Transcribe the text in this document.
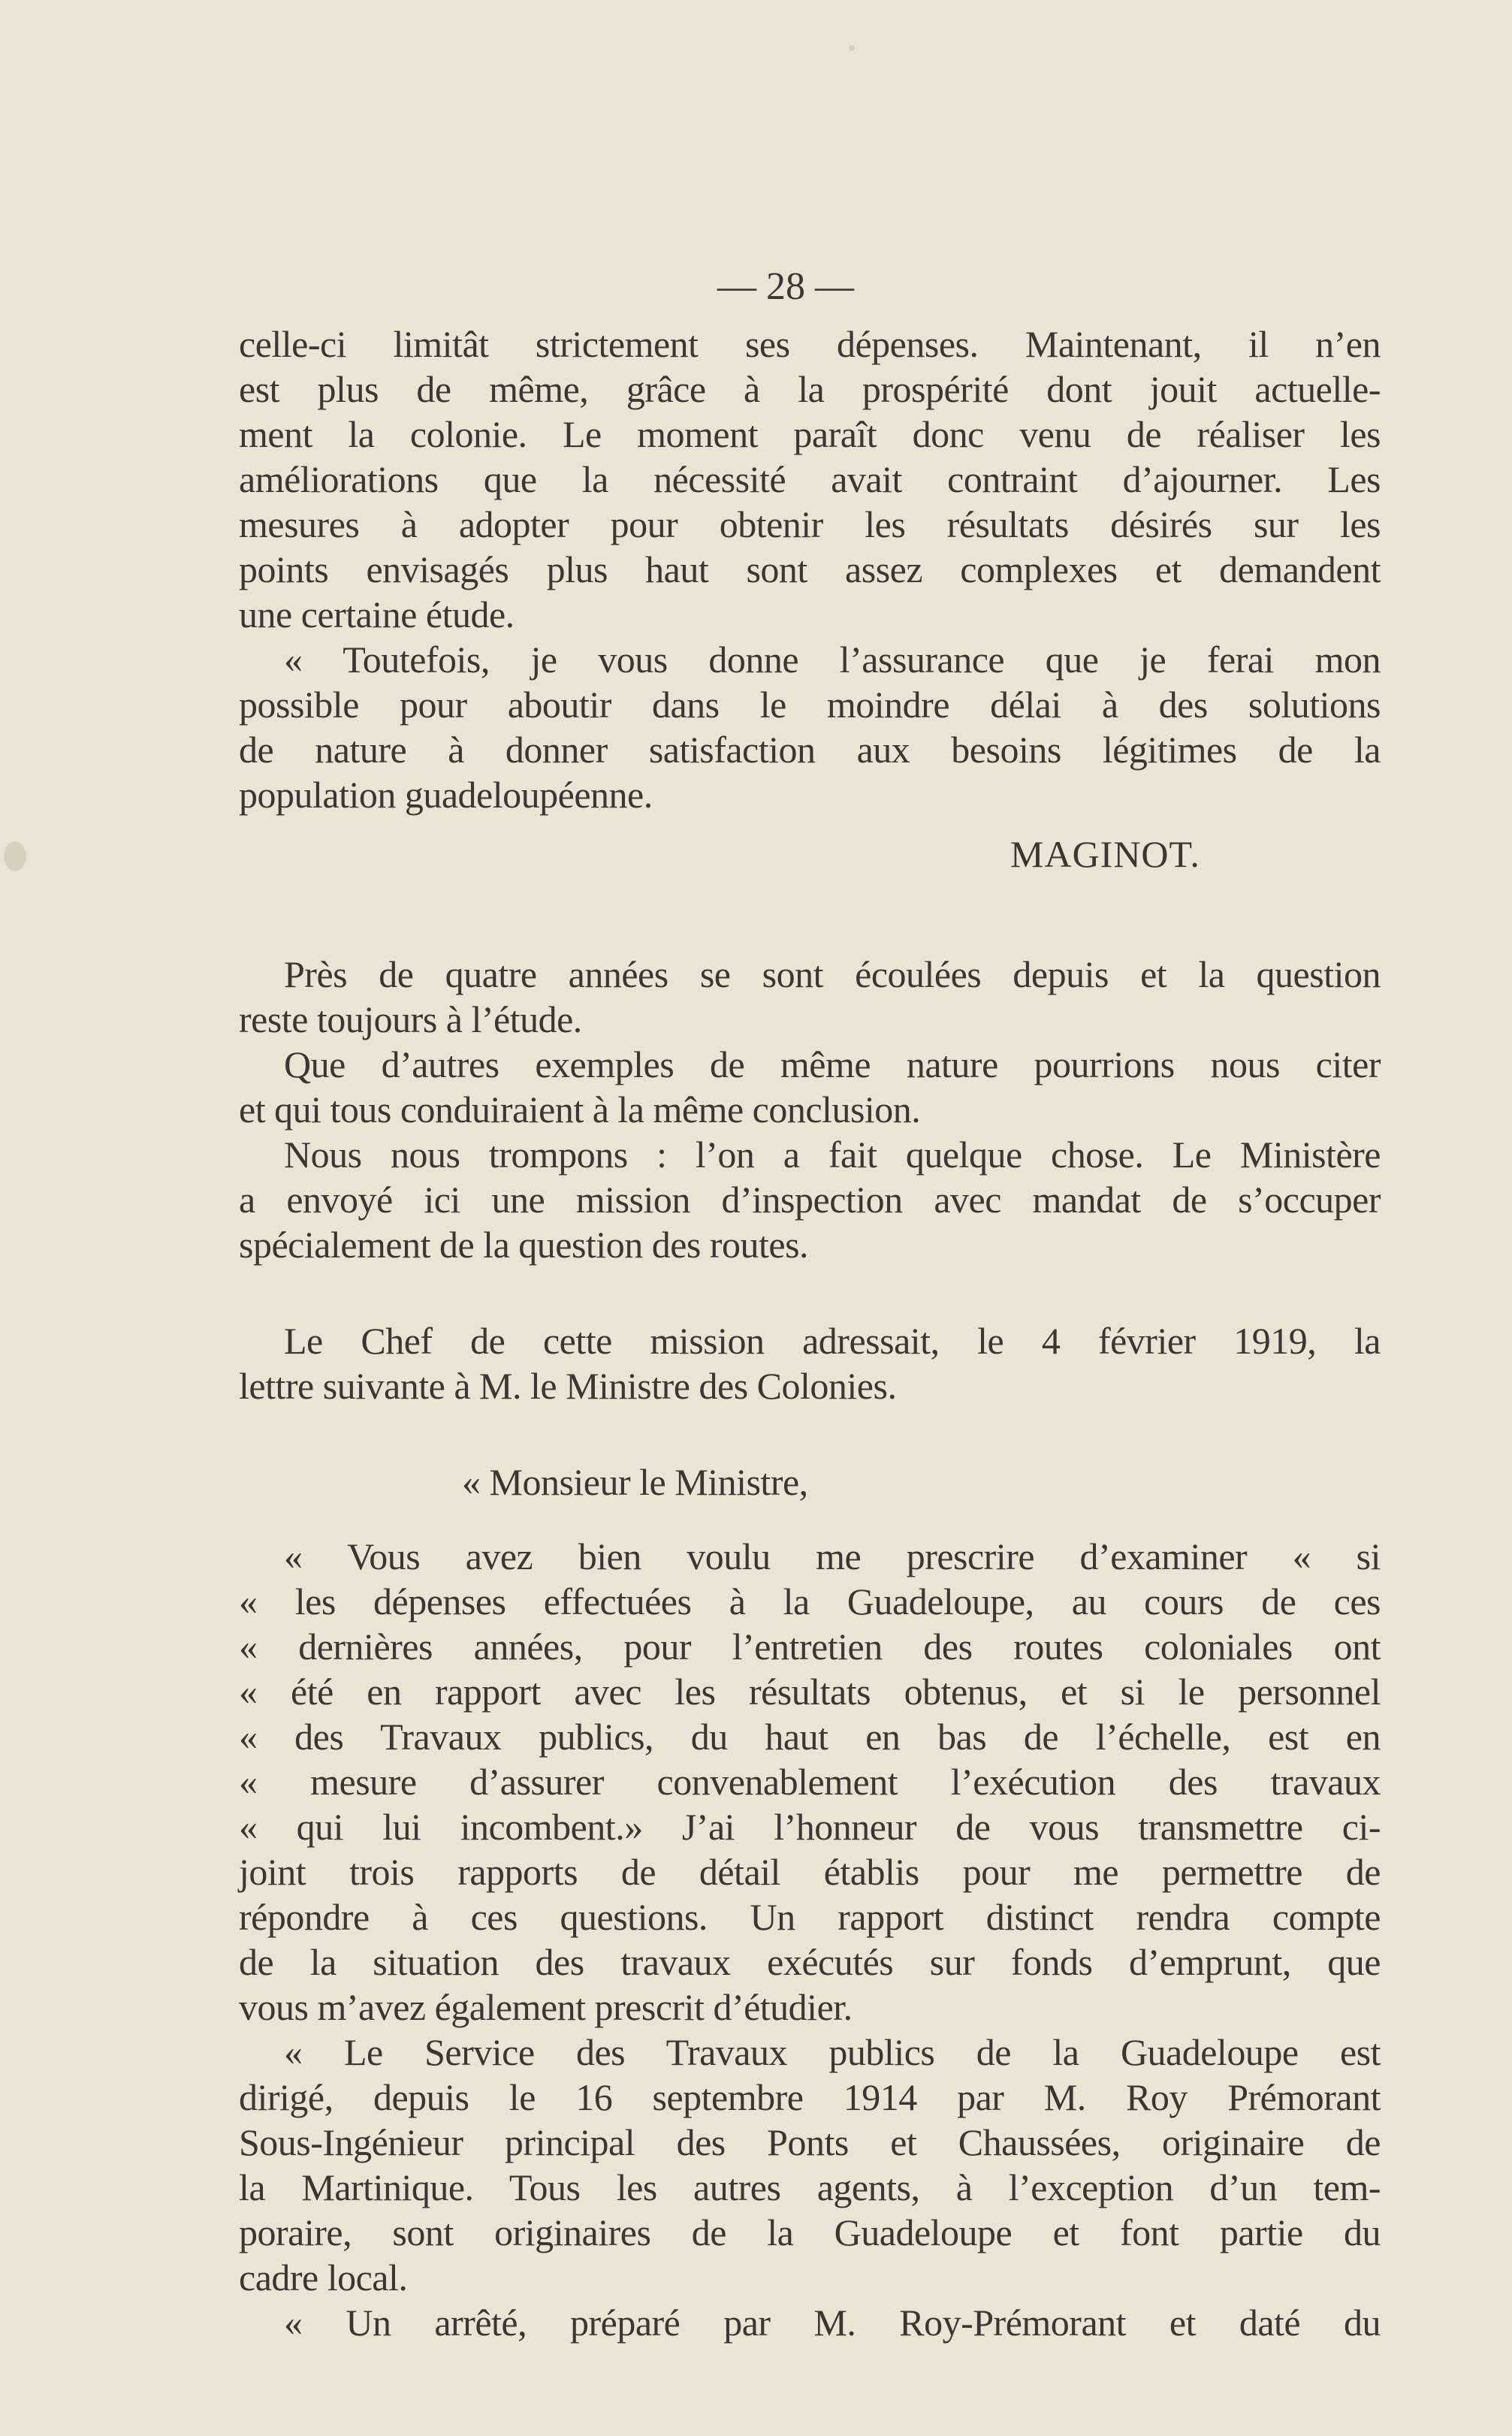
— 28 —
celle-ci limitât strictement ses dépenses. Maintenant, il n’en
est plus de même, grâce à la prospérité dont jouit actuelle-
ment la colonie. Le moment paraît donc venu de réaliser les
améliorations que la nécessité avait contraint d’ajourner. Les
mesures à adopter pour obtenir les résultats désirés sur les
points envisagés plus haut sont assez complexes et demandent
une certaine étude.
« Toutefois, je vous donne l’assurance que je ferai mon
possible pour aboutir dans le moindre délai à des solutions
de nature à donner satisfaction aux besoins légitimes de la
population guadeloupéenne.
MAGINOT.
Près de quatre années se sont écoulées depuis et la question
reste toujours à l’étude.
Que d’autres exemples de même nature pourrions nous citer
et qui tous conduiraient à la même conclusion.
Nous nous trompons : l’on a fait quelque chose. Le Ministère
a envoyé ici une mission d’inspection avec mandat de s’occuper
spécialement de la question des routes.
Le Chef de cette mission adressait, le 4 février 1919, la
lettre suivante à M. le Ministre des Colonies.
« Monsieur le Ministre,
« Vous avez bien voulu me prescrire d’examiner « si
« les dépenses effectuées à la Guadeloupe, au cours de ces
« dernières années, pour l’entretien des routes coloniales ont
« été en rapport avec les résultats obtenus, et si le personnel
« des Travaux publics, du haut en bas de l’échelle, est en
« mesure d’assurer convenablement l’exécution des travaux
« qui lui incombent.» J’ai l’honneur de vous transmettre ci-
joint trois rapports de détail établis pour me permettre de
répondre à ces questions. Un rapport distinct rendra compte
de la situation des travaux exécutés sur fonds d’emprunt, que
vous m’avez également prescrit d’étudier.
« Le Service des Travaux publics de la Guadeloupe est
dirigé, depuis le 16 septembre 1914 par M. Roy Prémorant
Sous-Ingénieur principal des Ponts et Chaussées, originaire de
la Martinique. Tous les autres agents, à l’exception d’un tem-
poraire, sont originaires de la Guadeloupe et font partie du
cadre local.
« Un arrêté, préparé par M. Roy-Prémorant et daté du
